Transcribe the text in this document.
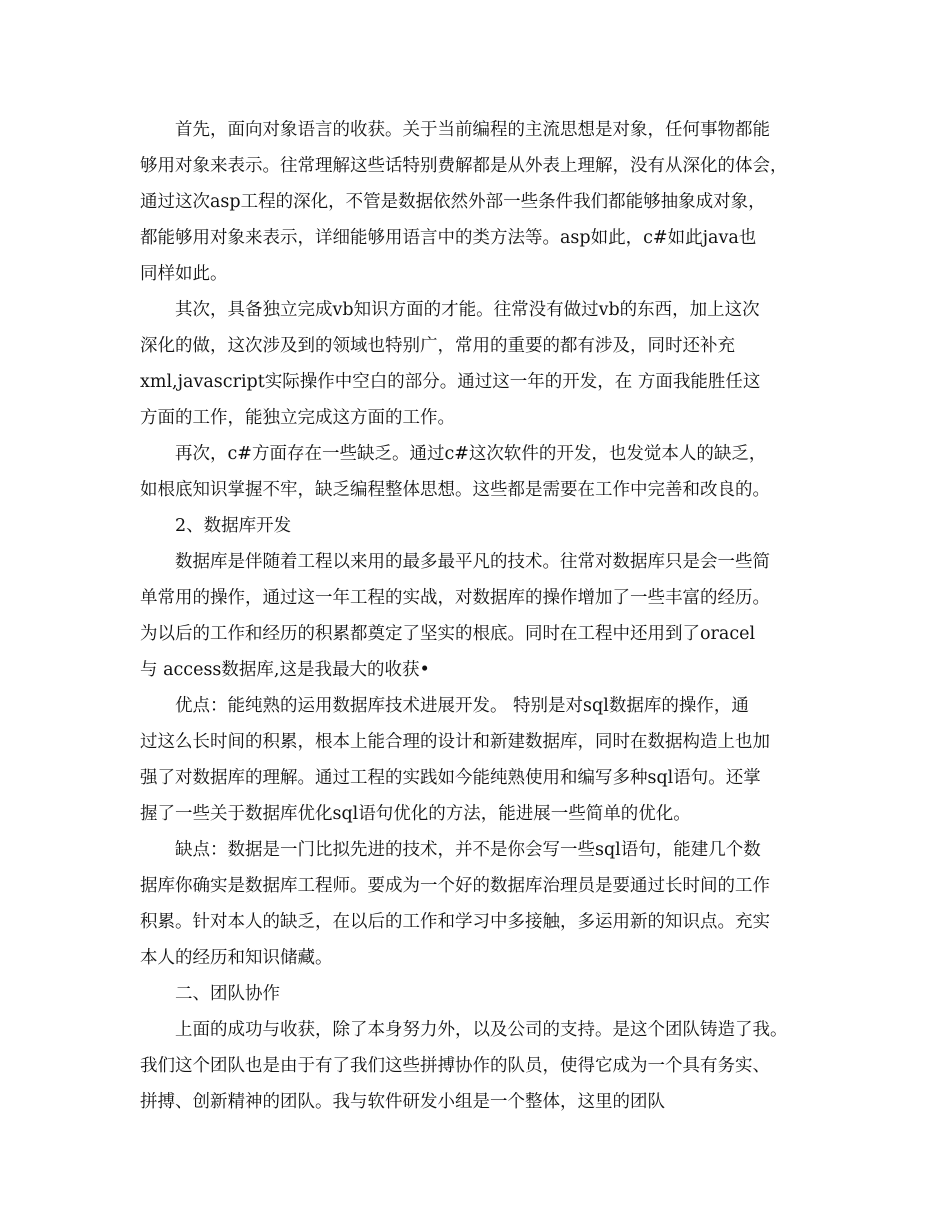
首先，面向对象语言的收获。关于当前编程的主流思想是对象，任何事物都能
够用对象来表示。往常理解这些话特别费解都是从外表上理解，没有从深化的体会，
通过这次asp工程的深化，不管是数据依然外部一些条件我们都能够抽象成对象，
都能够用对象来表示，详细能够用语言中的类方法等。asp如此，c#如此java也
同样如此。
其次，具备独立完成vb知识方面的才能。往常没有做过vb的东西，加上这次
深化的做，这次涉及到的领域也特别广，常用的重要的都有涉及，同时还补充
xml,javascript实际操作中空白的部分。通过这一年的开发，在 方面我能胜任这
方面的工作，能独立完成这方面的工作。
再次，c#方面存在一些缺乏。通过c#这次软件的开发，也发觉本人的缺乏，
如根底知识掌握不牢，缺乏编程整体思想。这些都是需要在工作中完善和改良的。
2、数据库开发
数据库是伴随着工程以来用的最多最平凡的技术。往常对数据库只是会一些简
单常用的操作，通过这一年工程的实战，对数据库的操作增加了一些丰富的经历。
为以后的工作和经历的积累都奠定了坚实的根底。同时在工程中还用到了oracel
与 access数据库,这是我最大的收获•
优点：能纯熟的运用数据库技术进展开发。 特别是对sql数据库的操作，通
过这么长时间的积累，根本上能合理的设计和新建数据库，同时在数据构造上也加
强了对数据库的理解。通过工程的实践如今能纯熟使用和编写多种sql语句。还掌
握了一些关于数据库优化sql语句优化的方法，能进展一些简单的优化。
缺点：数据是一门比拟先进的技术，并不是你会写一些sql语句，能建几个数
据库你确实是数据库工程师。要成为一个好的数据库治理员是要通过长时间的工作
积累。针对本人的缺乏，在以后的工作和学习中多接触，多运用新的知识点。充实
本人的经历和知识储藏。
二、团队协作
上面的成功与收获，除了本身努力外，以及公司的支持。是这个团队铸造了我。
我们这个团队也是由于有了我们这些拼搏协作的队员，使得它成为一个具有务实、
拼搏、创新精神的团队。我与软件研发小组是一个整体，这里的团队
